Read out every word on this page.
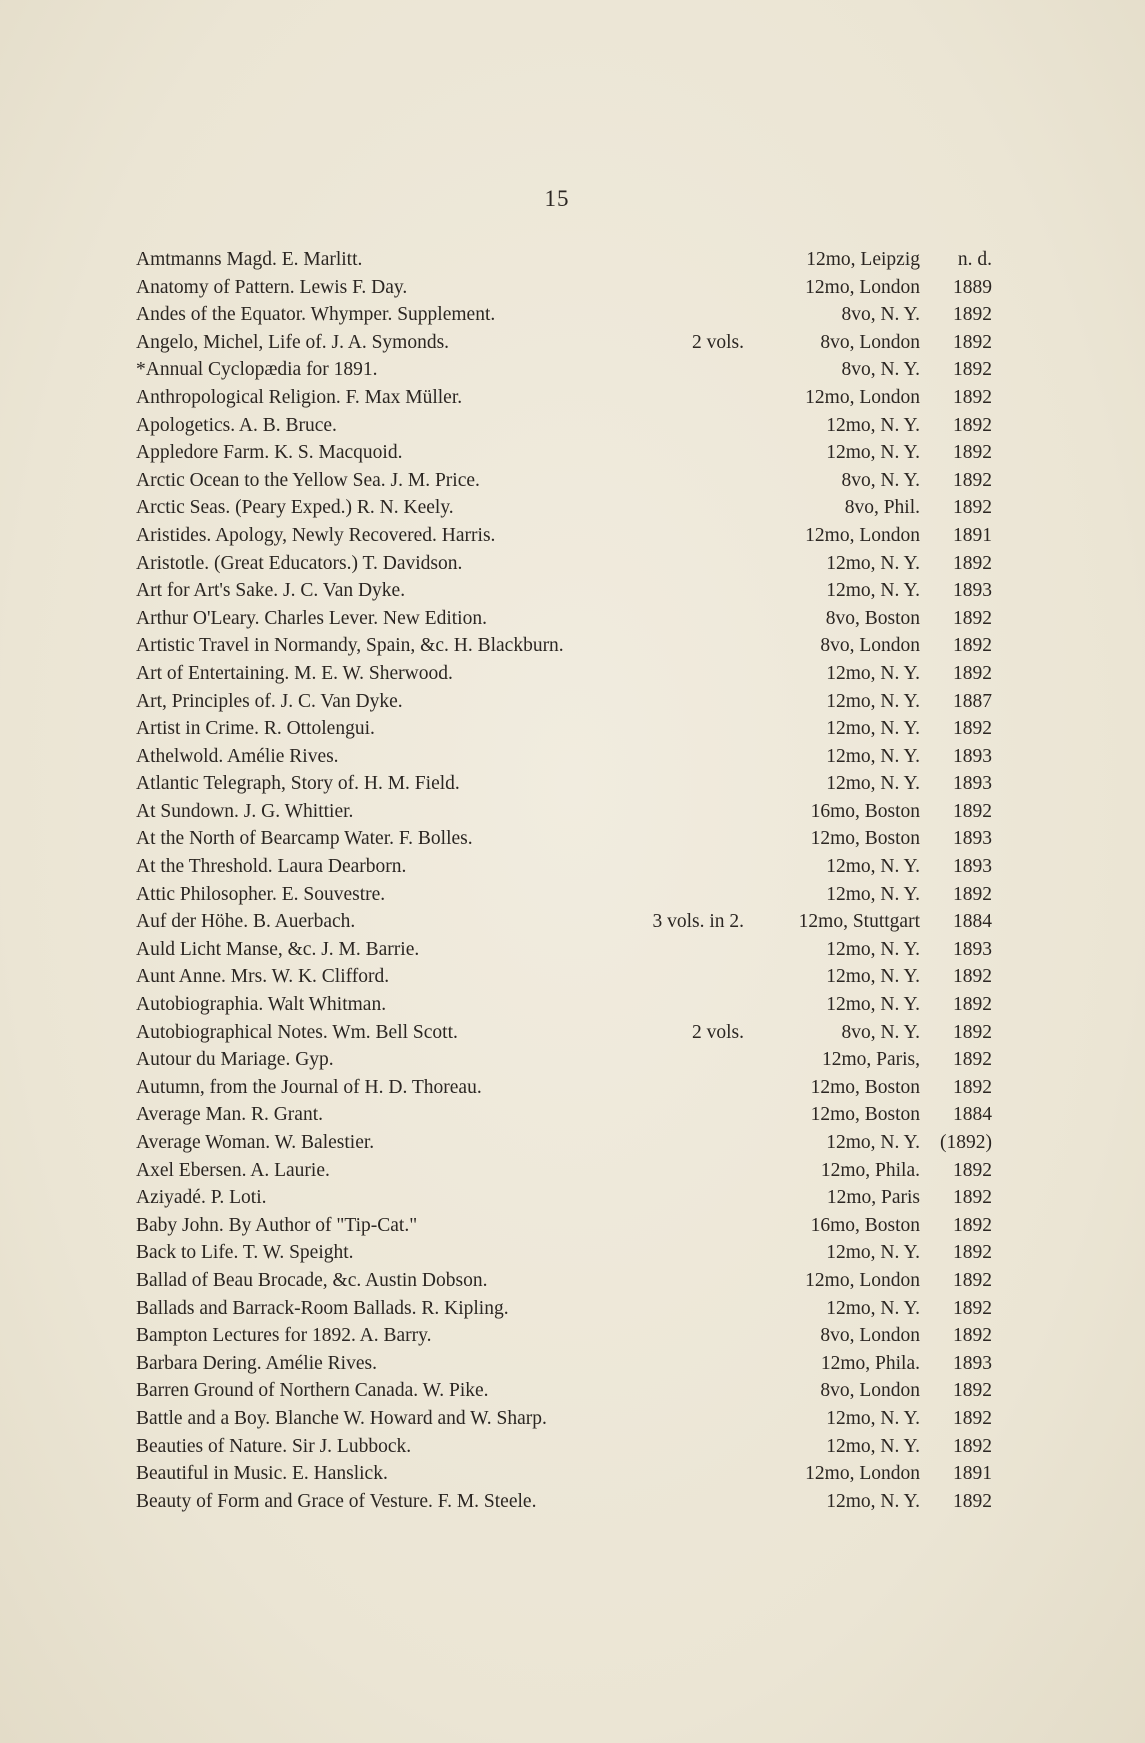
15
Amtmanns Magd. E. Marlitt.	12mo, Leipzig n. d.
Anatomy of Pattern. Lewis F. Day.	12mo, London 1889
Andes of the Equator. Whymper. Supplement.	8vo, N. Y. 1892
Angelo, Michel, Life of. J. A. Symonds.	2 vols.	8vo, London 1892
*Annual Cyclopædia for 1891.	8vo, N. Y. 1892
Anthropological Religion. F. Max Müller.	12mo, London 1892
Apologetics. A. B. Bruce.	12mo, N. Y. 1892
Appledore Farm. K. S. Macquoid.	12mo, N. Y. 1892
Arctic Ocean to the Yellow Sea. J. M. Price.	8vo, N. Y. 1892
Arctic Seas. (Peary Exped.) R. N. Keely.	8vo, Phil. 1892
Aristides. Apology, Newly Recovered. Harris.	12mo, London 1891
Aristotle. (Great Educators.) T. Davidson.	12mo, N. Y. 1892
Art for Art's Sake. J. C. Van Dyke.	12mo, N. Y. 1893
Arthur O'Leary. Charles Lever. New Edition.	8vo, Boston 1892
Artistic Travel in Normandy, Spain, &c. H. Blackburn.	8vo, London 1892
Art of Entertaining. M. E. W. Sherwood.	12mo, N. Y. 1892
Art, Principles of. J. C. Van Dyke.	12mo, N. Y. 1887
Artist in Crime. R. Ottolengui.	12mo, N. Y. 1892
Athelwold. Amélie Rives.	12mo, N. Y. 1893
Atlantic Telegraph, Story of. H. M. Field.	12mo, N. Y. 1893
At Sundown. J. G. Whittier.	16mo, Boston 1892
At the North of Bearcamp Water. F. Bolles.	12mo, Boston 1893
At the Threshold. Laura Dearborn.	12mo, N. Y. 1893
Attic Philosopher. E. Souvestre.	12mo, N. Y. 1892
Auf der Höhe. B. Auerbach.	3 vols. in 2.	12mo, Stuttgart 1884
Auld Licht Manse, &c. J. M. Barrie.	12mo, N. Y. 1893
Aunt Anne. Mrs. W. K. Clifford.	12mo, N. Y. 1892
Autobiographia. Walt Whitman.	12mo, N. Y. 1892
Autobiographical Notes. Wm. Bell Scott.	2 vols.	8vo, N. Y. 1892
Autour du Mariage. Gyp.	12mo, Paris, 1892
Autumn, from the Journal of H. D. Thoreau.	12mo, Boston 1892
Average Man. R. Grant.	12mo, Boston 1884
Average Woman. W. Balestier.	12mo, N. Y. (1892)
Axel Ebersen. A. Laurie.	12mo, Phila. 1892
Aziyadé. P. Loti.	12mo, Paris 1892
Baby John. By Author of "Tip-Cat."	16mo, Boston 1892
Back to Life. T. W. Speight.	12mo, N. Y. 1892
Ballad of Beau Brocade, &c. Austin Dobson.	12mo, London 1892
Ballads and Barrack-Room Ballads. R. Kipling.	12mo, N. Y. 1892
Bampton Lectures for 1892. A. Barry.	8vo, London 1892
Barbara Dering. Amélie Rives.	12mo, Phila. 1893
Barren Ground of Northern Canada. W. Pike.	8vo, London 1892
Battle and a Boy. Blanche W. Howard and W. Sharp.	12mo, N. Y. 1892
Beauties of Nature. Sir J. Lubbock.	12mo, N. Y. 1892
Beautiful in Music. E. Hanslick.	12mo, London 1891
Beauty of Form and Grace of Vesture. F. M. Steele.	12mo, N. Y. 1892
